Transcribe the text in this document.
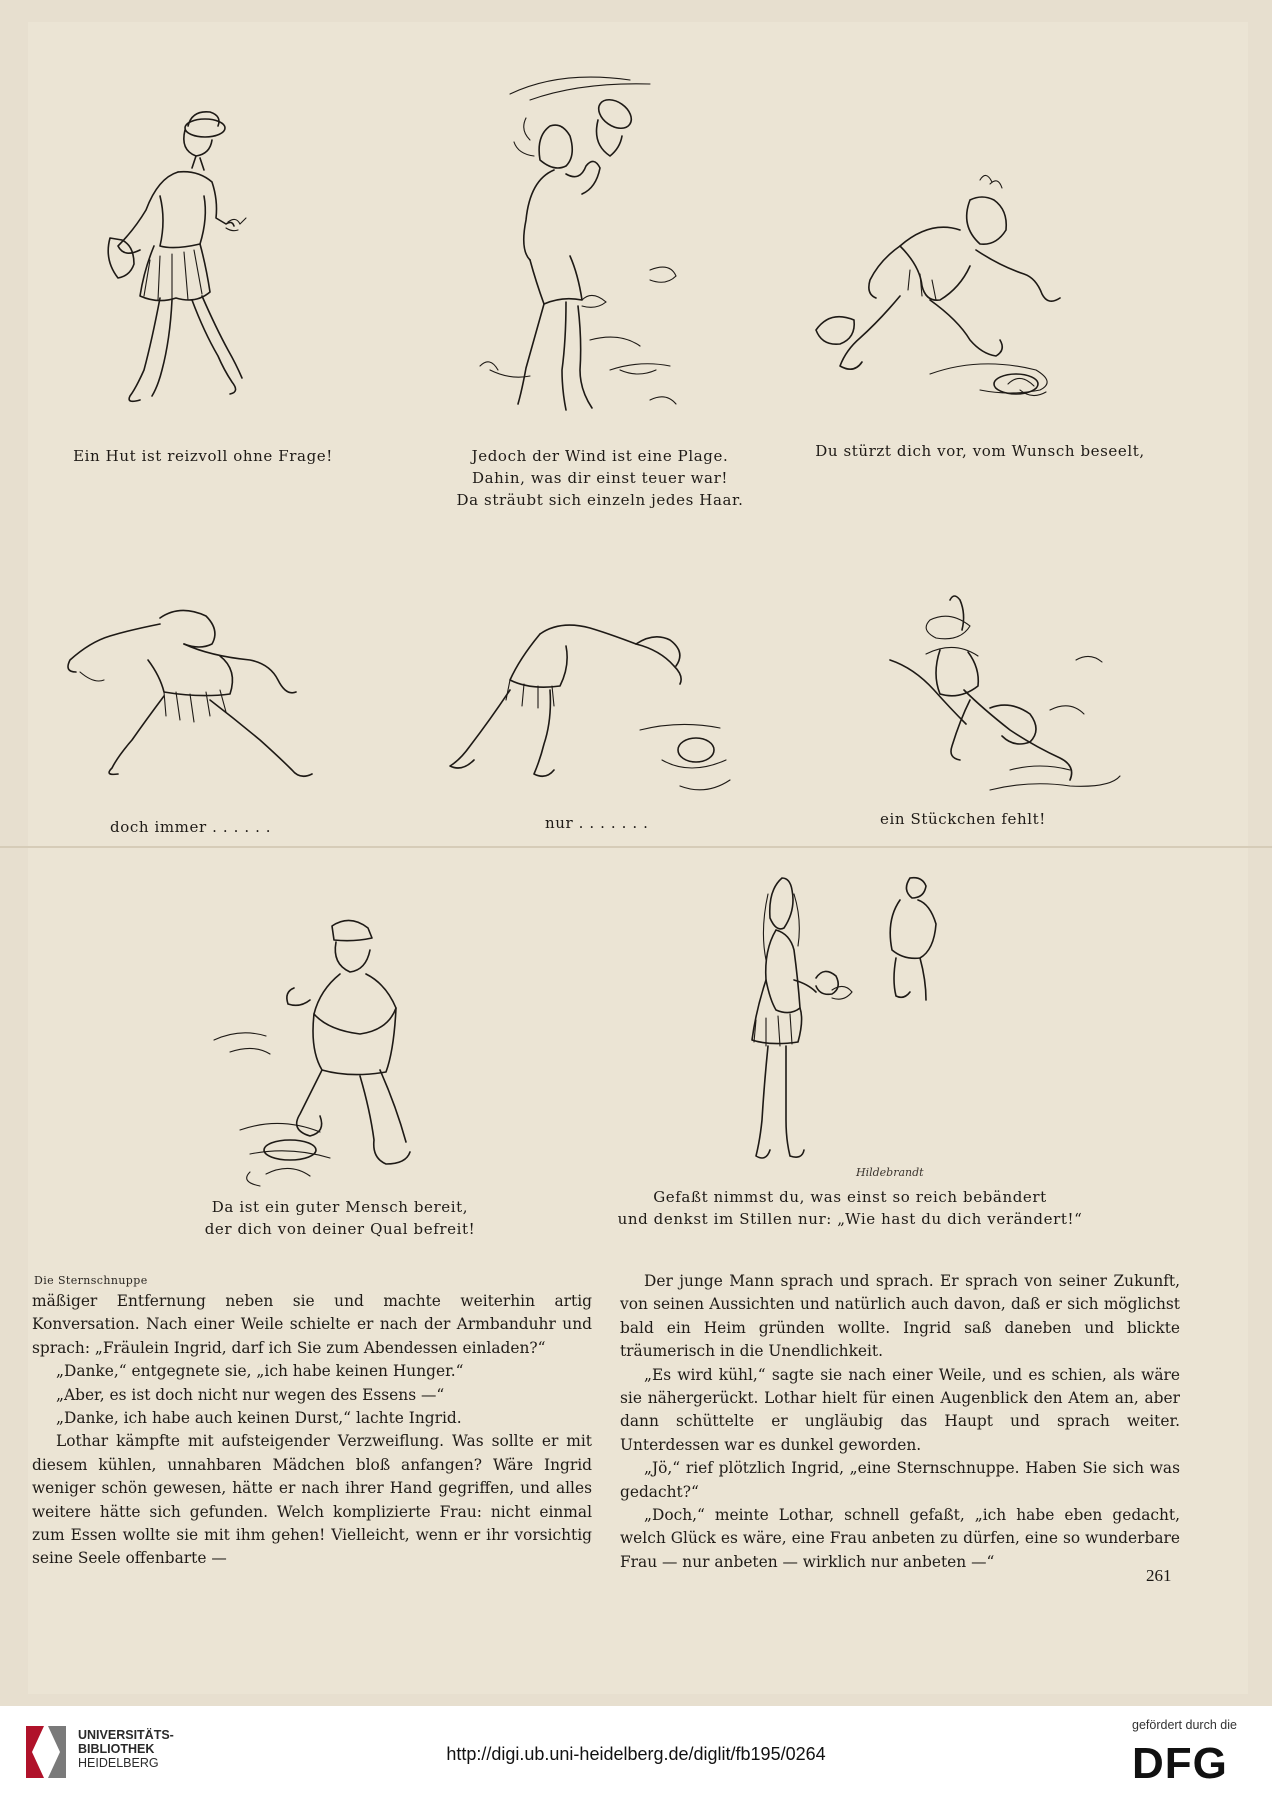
Ein Hut ist reizvoll ohne Frage!	Jedoch der Wind ist eine Plage.
Dahin, was dir einst teuer war!
Da sträubt sich einzeln jedes Haar.
Du stürzt dich vor, vom Wunsch beseelt,
doch immer . . . . . .	nur . . . . . . .	ein Stückchen fehlt!
Da ist ein guter Mensch bereit,
der dich von deiner Qual befreit!
Hildebrandt
Gefaßt nimmst du, was einst so reich bebändert
und denkst im Stillen nur: „Wie hast du dich verändert!“
Die Sternschnuppe

mäßiger Entfernung neben sie und machte weiterhin artig Konversation. Nach einer Weile schielte er nach der Armbanduhr und sprach: „Fräulein Ingrid, darf ich Sie zum Abendessen einladen?“

„Danke,“ entgegnete sie, „ich habe keinen Hunger.“

„Aber, es ist doch nicht nur wegen des Essens —“

„Danke, ich habe auch keinen Durst,“ lachte Ingrid.

Lothar kämpfte mit aufsteigender Verzweiflung. Was sollte er mit diesem kühlen, unnahbaren Mädchen bloß anfangen? Wäre Ingrid weniger schön gewesen, hätte er nach ihrer Hand gegriffen, und alles weitere hätte sich gefunden. Welch komplizierte Frau: nicht einmal zum Essen wollte sie mit ihm gehen! Vielleicht, wenn er ihr vorsichtig seine Seele offenbarte —

Der junge Mann sprach und sprach. Er sprach von seiner Zukunft, von seinen Aussichten und natürlich auch davon, daß er sich möglichst bald ein Heim gründen wollte. Ingrid saß daneben und blickte träumerisch in die Unendlichkeit.

„Es wird kühl,“ sagte sie nach einer Weile, und es schien, als wäre sie nähergerückt. Lothar hielt für einen Augenblick den Atem an, aber dann schüttelte er ungläubig das Haupt und sprach weiter. Unterdessen war es dunkel geworden.

„Jö,“ rief plötzlich Ingrid, „eine Sternschnuppe. Haben Sie sich was gedacht?“

„Doch,“ meinte Lothar, schnell gefaßt, „ich habe eben gedacht, welch Glück es wäre, eine Frau anbeten zu dürfen, eine so wunderbare Frau — nur anbeten — wirklich nur anbeten —“

261
UNIVERSITÄTS-
BIBLIOTHEK
HEIDELBERG	http://digi.ub.uni-heidelberg.de/diglit/fb195/0264
gefördert durch die
DFG
